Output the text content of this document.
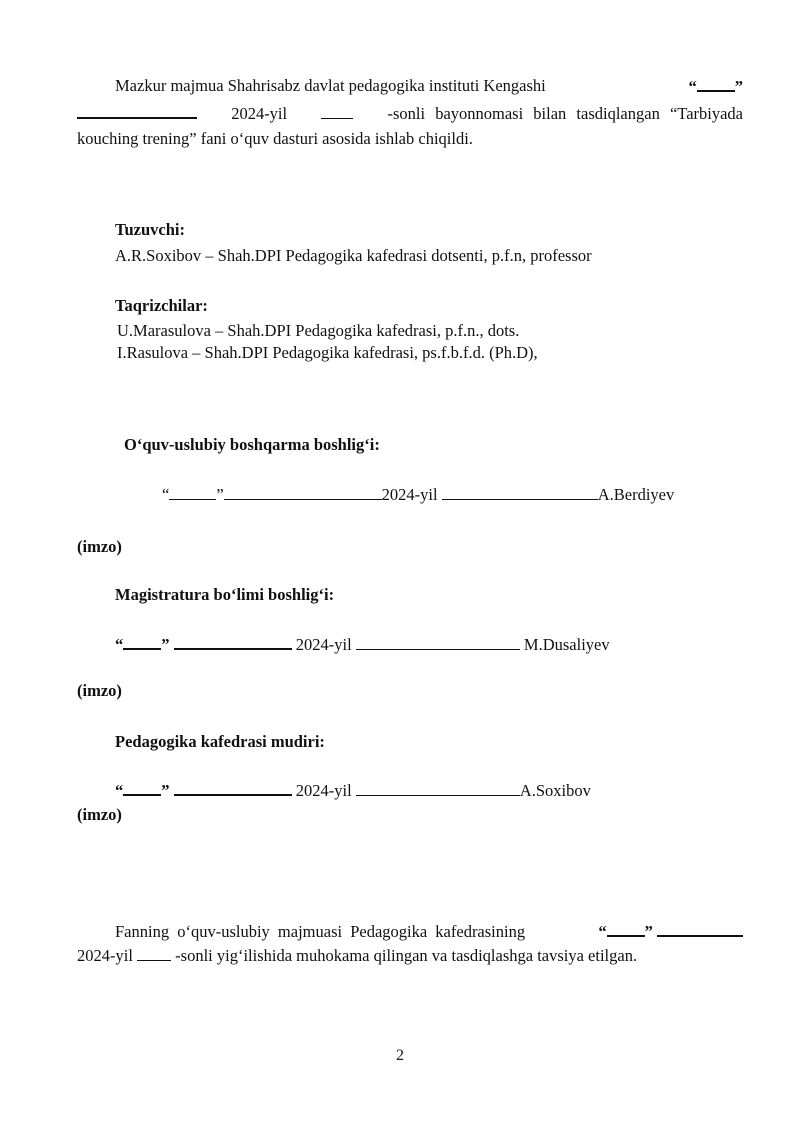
Mazkur majmua Shahrisabz davlat pedagogika instituti Kengashi	“ ”
2024-yil	-sonli bayonnomasi bilan tasdiqlangan “Tarbiyada
kouching trening” fani o‘quv dasturi asosida ishlab chiqildi.
Tuzuvchi:
A.R.Soxibov – Shah.DPI Pedagogika kafedrasi dotsenti, p.f.n, professor
Taqrizchilar:
U.Marasulova – Shah.DPI Pedagogika kafedrasi, p.f.n., dots.
I.Rasulova – Shah.DPI Pedagogika kafedrasi, ps.f.b.f.d. (Ph.D),
O‘quv-uslubiy boshqarma boshlig‘i:
“	”	2024-yil	A.Berdiyev
(imzo)
Magistratura bo‘limi boshlig‘i:
“ ”	2024-yil	M.Dusaliyev
(imzo)
Pedagogika kafedrasi mudiri:
“ ”	2024-yil	A.Soxibov
(imzo)
Fanning o‘quv-uslubiy majmuasi Pedagogika kafedrasining	“ ”
2024-yil	-sonli yig‘ilishida muhokama qilingan va tasdiqlashga tavsiya etilgan.
2
